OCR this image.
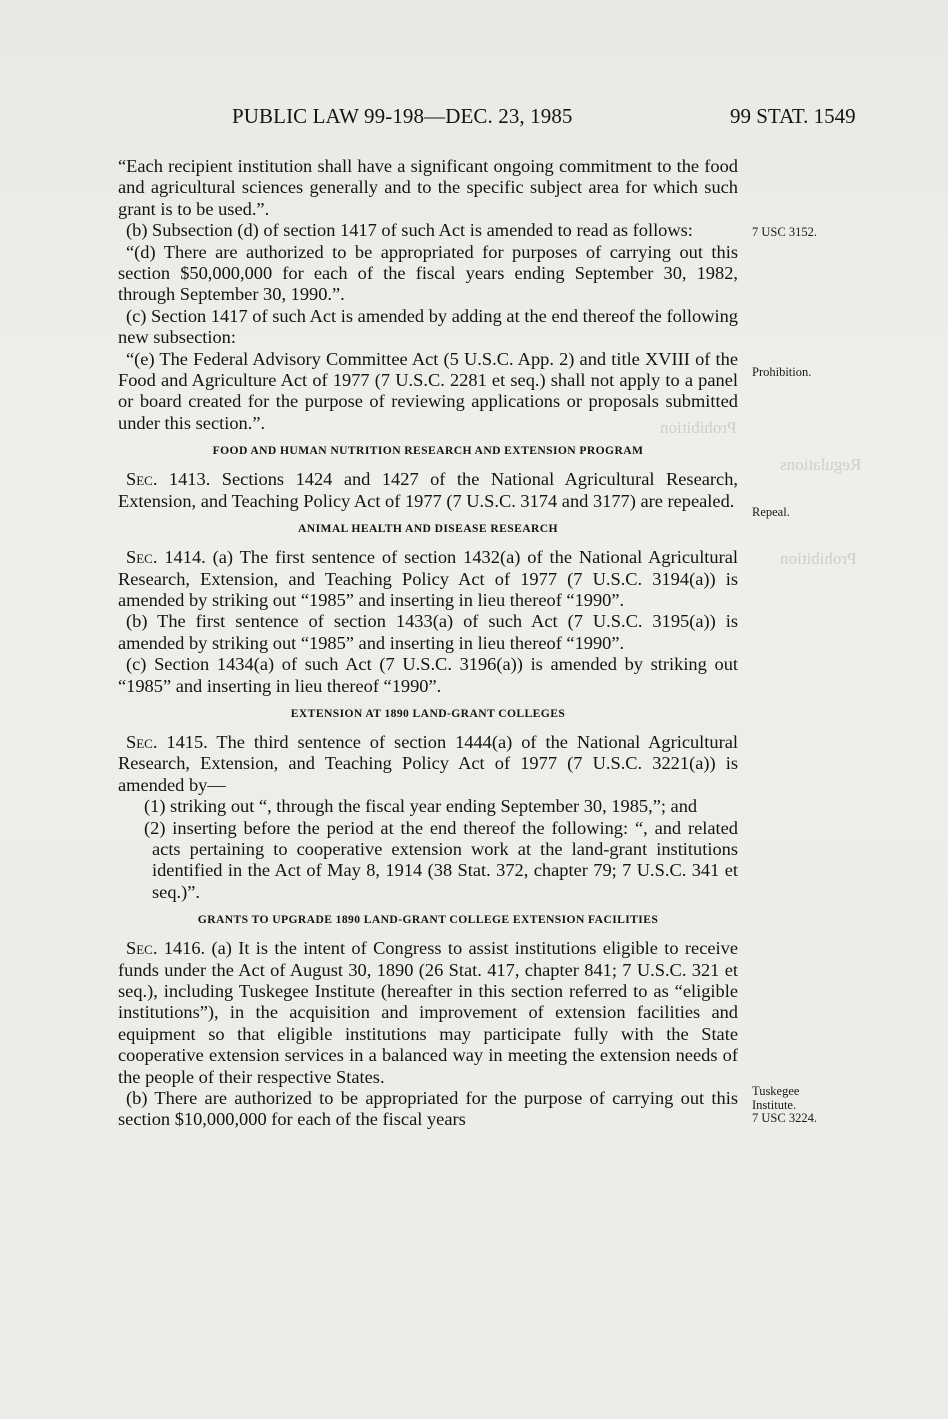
Prohibition
Regulations
Prohibition
PUBLIC LAW 99-198—DEC. 23, 1985	99 STAT. 1549
7 USC 3152.
Prohibition.
Repeal.
Tuskegee
Institute.
7 USC 3224.

“Each recipient institution shall have a significant ongoing commitment to the food and agricultural sciences generally and to the specific subject area for which such grant is to be used.”.

(b) Subsection (d) of section 1417 of such Act is amended to read as follows:

“(d) There are authorized to be appropriated for purposes of carrying out this section $50,000,000 for each of the fiscal years ending September 30, 1982, through September 30, 1990.”.

(c) Section 1417 of such Act is amended by adding at the end thereof the following new subsection:

“(e) The Federal Advisory Committee Act (5 U.S.C. App. 2) and title XVIII of the Food and Agriculture Act of 1977 (7 U.S.C. 2281 et seq.) shall not apply to a panel or board created for the purpose of reviewing applications or proposals submitted under this section.”.

FOOD AND HUMAN NUTRITION RESEARCH AND EXTENSION PROGRAM

Sec. 1413. Sections 1424 and 1427 of the National Agricultural Research, Extension, and Teaching Policy Act of 1977 (7 U.S.C. 3174 and 3177) are repealed.

ANIMAL HEALTH AND DISEASE RESEARCH

Sec. 1414. (a) The first sentence of section 1432(a) of the National Agricultural Research, Extension, and Teaching Policy Act of 1977 (7 U.S.C. 3194(a)) is amended by striking out “1985” and inserting in lieu thereof “1990”.

(b) The first sentence of section 1433(a) of such Act (7 U.S.C. 3195(a)) is amended by striking out “1985” and inserting in lieu thereof “1990”.

(c) Section 1434(a) of such Act (7 U.S.C. 3196(a)) is amended by striking out “1985” and inserting in lieu thereof “1990”.

EXTENSION AT 1890 LAND-GRANT COLLEGES

Sec. 1415. The third sentence of section 1444(a) of the National Agricultural Research, Extension, and Teaching Policy Act of 1977 (7 U.S.C. 3221(a)) is amended by—

(1) striking out “, through the fiscal year ending September 30, 1985,”; and

(2) inserting before the period at the end thereof the following: “, and related acts pertaining to cooperative extension work at the land-grant institutions identified in the Act of May 8, 1914 (38 Stat. 372, chapter 79; 7 U.S.C. 341 et seq.)”.

GRANTS TO UPGRADE 1890 LAND-GRANT COLLEGE EXTENSION FACILITIES

Sec. 1416. (a) It is the intent of Congress to assist institutions eligible to receive funds under the Act of August 30, 1890 (26 Stat. 417, chapter 841; 7 U.S.C. 321 et seq.), including Tuskegee Institute (hereafter in this section referred to as “eligible institutions”), in the acquisition and improvement of extension facilities and equipment so that eligible institutions may participate fully with the State cooperative extension services in a balanced way in meeting the extension needs of the people of their respective States.

(b) There are authorized to be appropriated for the purpose of carrying out this section $10,000,000 for each of the fiscal years
